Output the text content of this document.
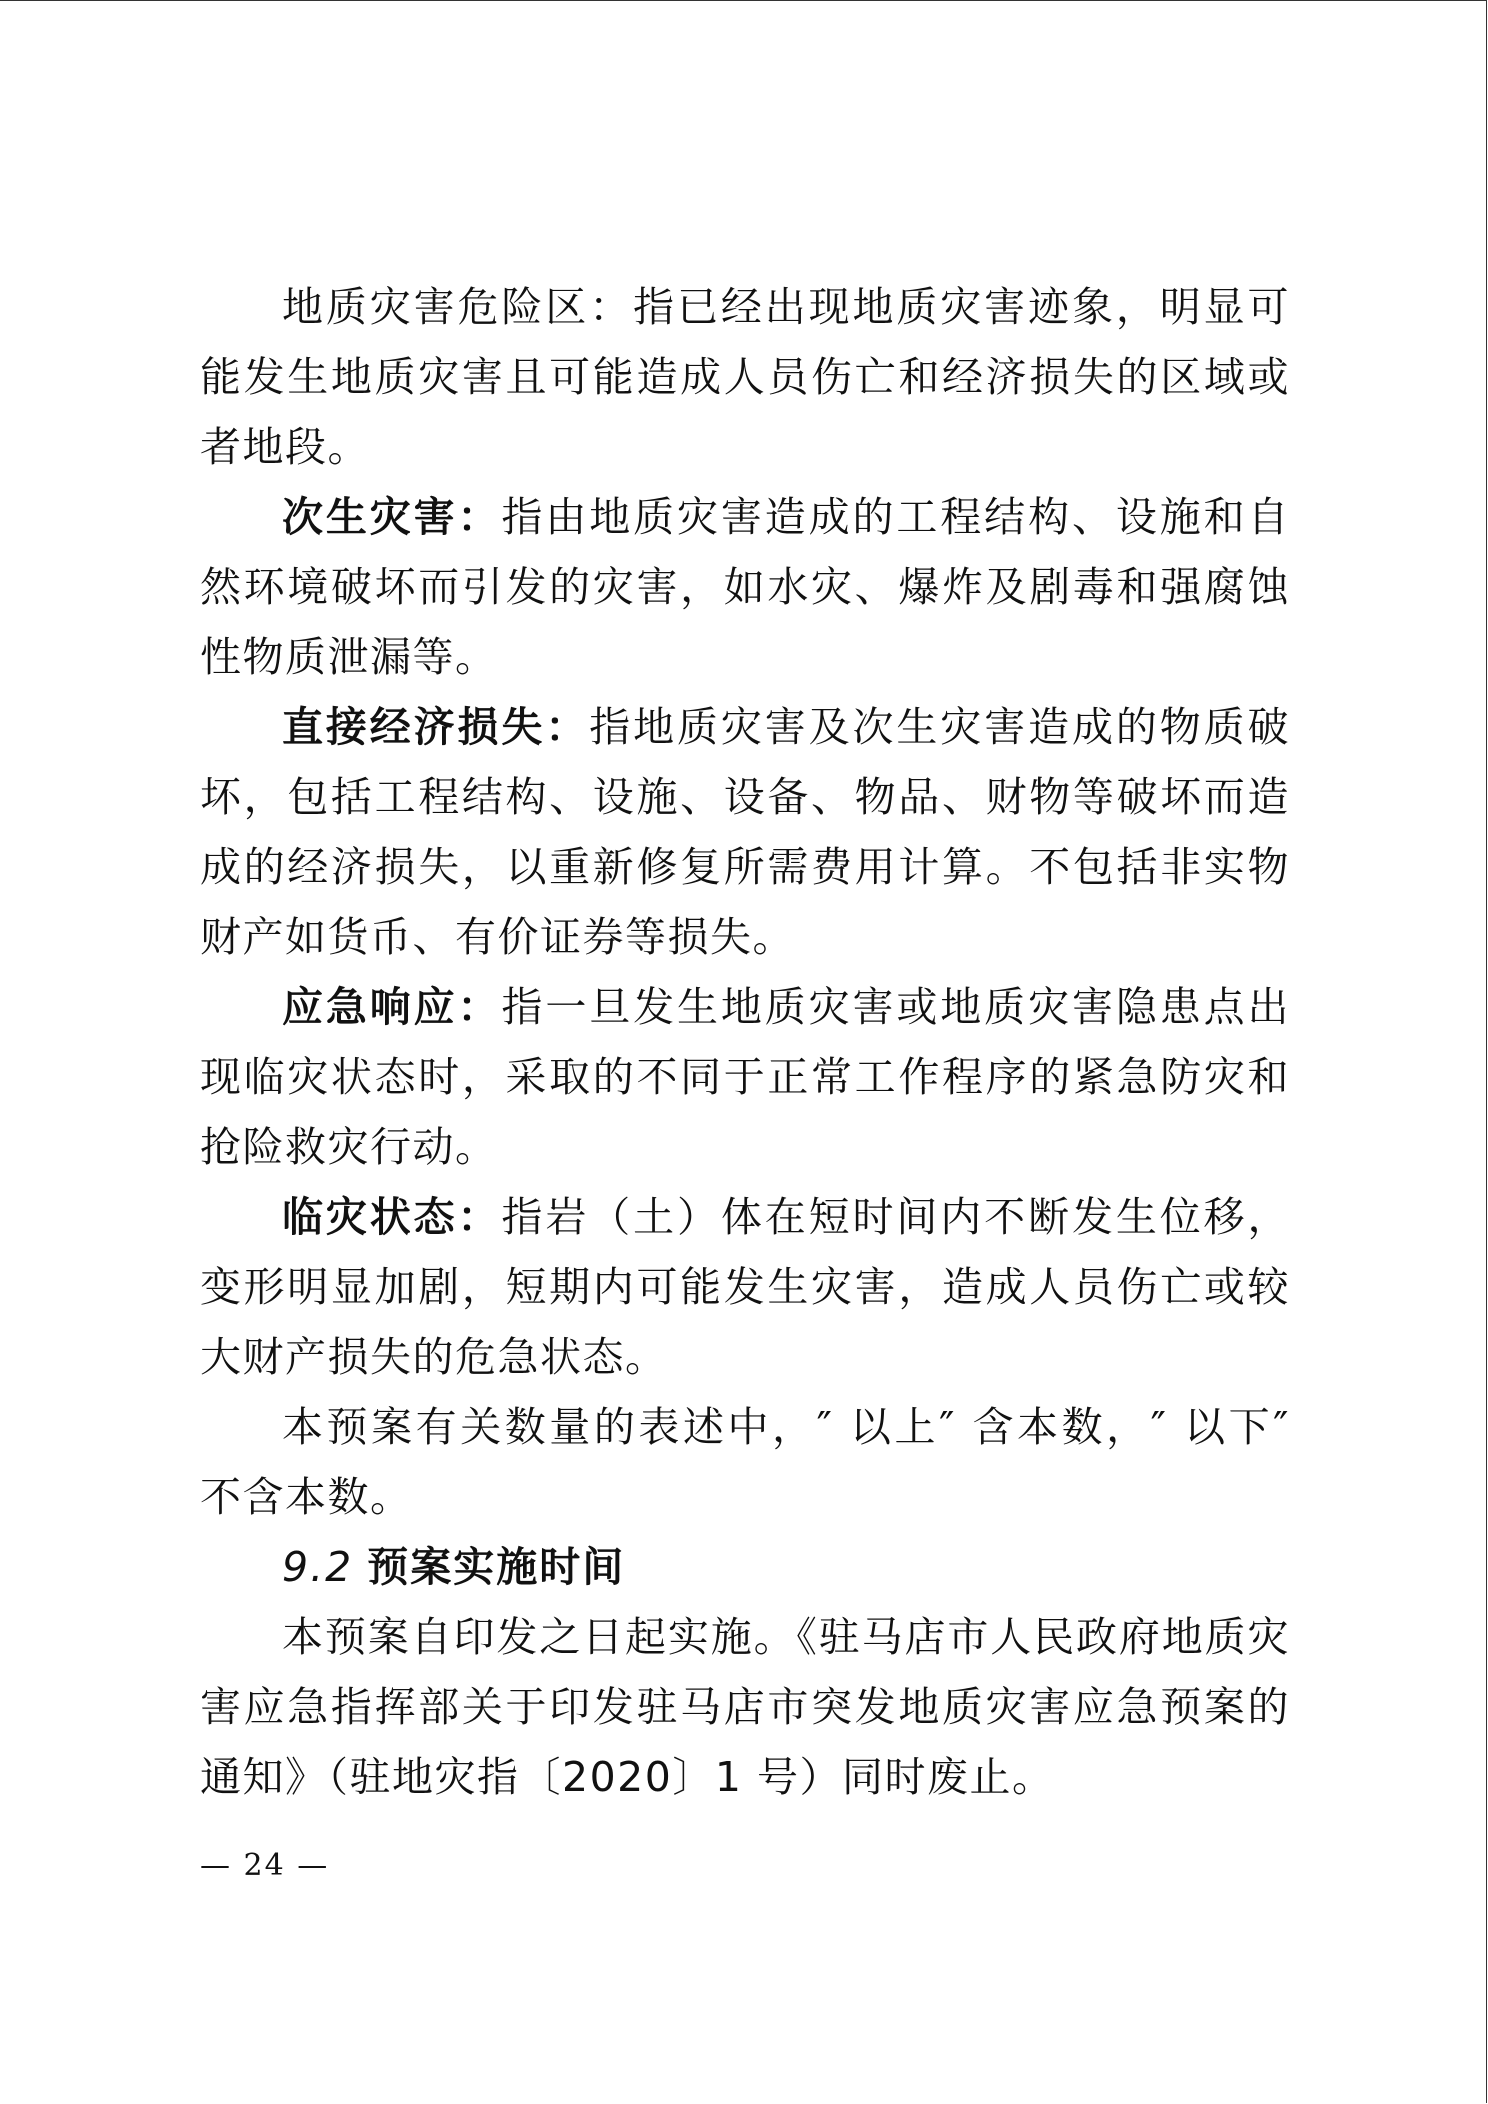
地质灾害危险区：指已经出现地质灾害迹象，明显可能发生地质灾害且可能造成人员伤亡和经济损失的区域或者地段。

次生灾害：指由地质灾害造成的工程结构、设施和自然环境破坏而引发的灾害，如水灾、爆炸及剧毒和强腐蚀性物质泄漏等。

直接经济损失：指地质灾害及次生灾害造成的物质破坏，包括工程结构、设施、设备、物品、财物等破坏而造成的经济损失，以重新修复所需费用计算。不包括非实物财产如货币、有价证券等损失。

应急响应：指一旦发生地质灾害或地质灾害隐患点出现临灾状态时，采取的不同于正常工作程序的紧急防灾和抢险救灾行动。

临灾状态：指岩（土）体在短时间内不断发生位移，变形明显加剧，短期内可能发生灾害，造成人员伤亡或较大财产损失的危急状态。

本预案有关数量的表述中，″ 以上″ 含本数，″ 以下″ 不含本数。

9.2 预案实施时间

本预案自印发之日起实施。《驻马店市人民政府地质灾害应急指挥部关于印发驻马店市突发地质灾害应急预案的通知》（驻地灾指〔2020〕1 号）同时废止。

— 24 —
